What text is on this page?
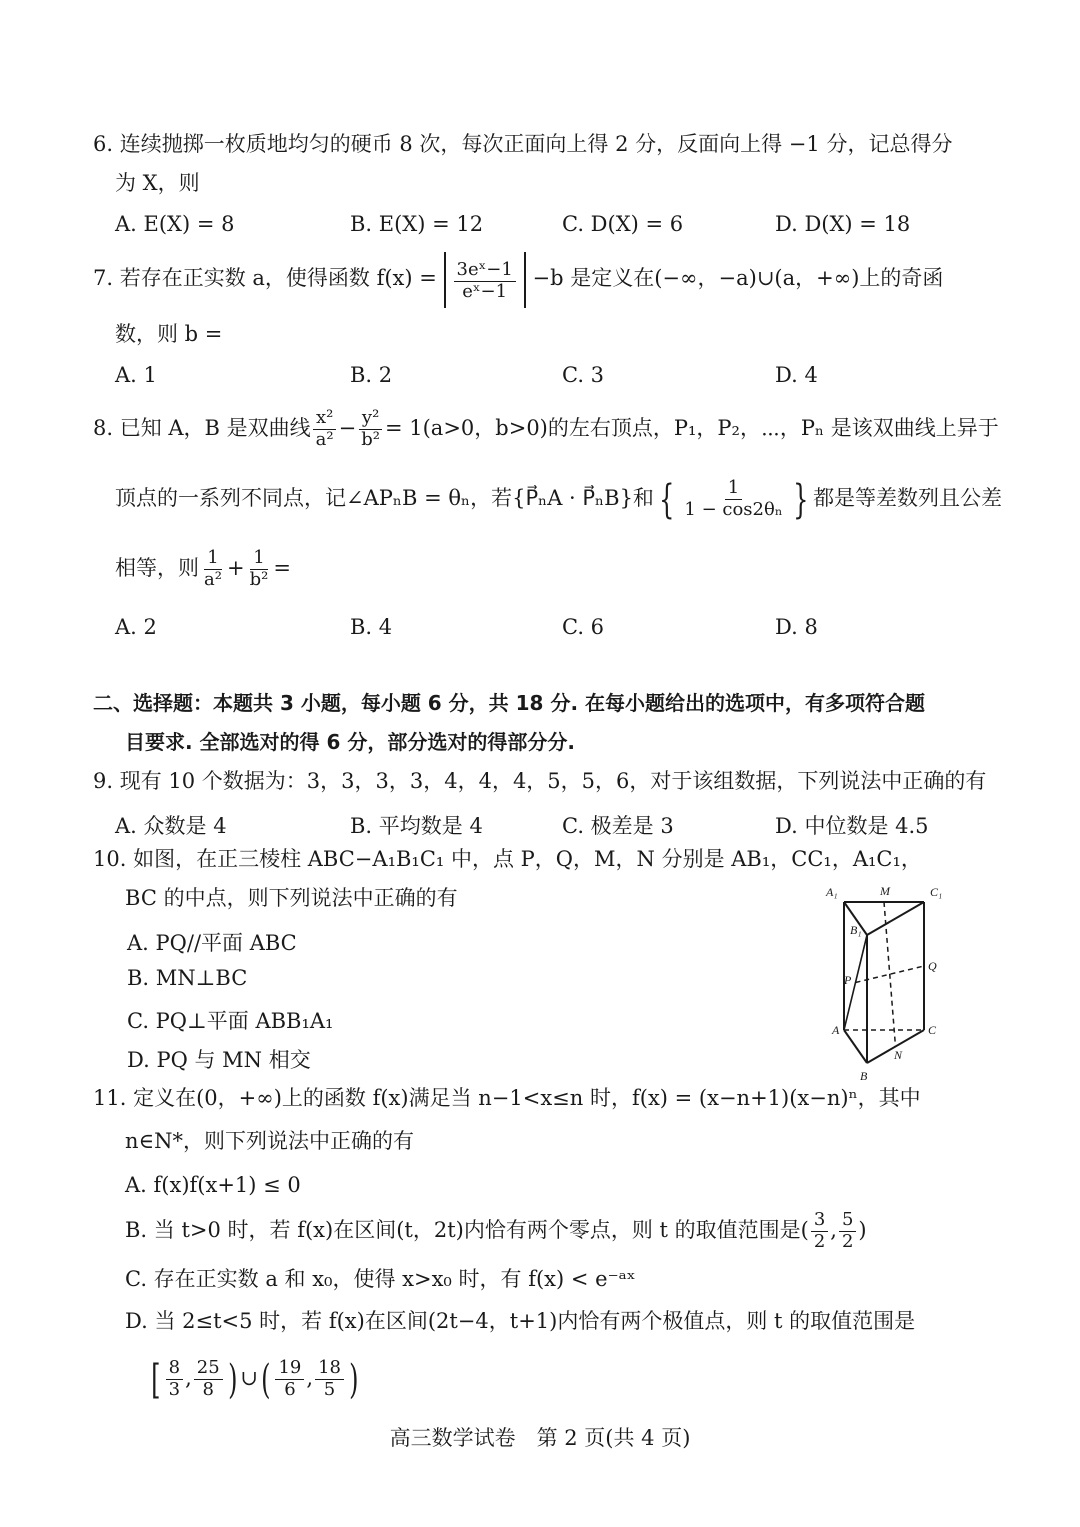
6. 连续抛掷一枚质地均匀的硬币 8 次，每次正面向上得 2 分，反面向上得 −1 分，记总得分
为 X，则
A. E(X) = 8	B. E(X) = 12	C. D(X) = 6	D. D(X) = 18
7. 若存在正实数 a，使得函数 $f(x) = \frac{\text{3eˣ−1}}{\text{eˣ−1}} -b$ 是定义在(−∞，−a)∪(a，+∞)上的奇函
数，则 b =
A. 1	B. 2	C. 3	D. 4
8. 已知 A，B 是双曲线 $\frac{\text{x²}}{\text{a²}} - \frac{\text{y²}}{\text{b²}} = 1(a>0$，b>0)的左右顶点，P₁，P₂，⋯，Pₙ 是该双曲线上异于
顶点的一系列不同点，记∠APₙB = θₙ，若{P⃗ₙA · P⃗ₙB}和 { $\frac{1}{\text{1 − cos2θₙ}}$ } 都是等差数列且公差
相等，则 $\frac{1}{\text{a²}} + \frac{1}{\text{b²}}$ =
A. 2	B. 4	C. 6	D. 8
二、选择题：本题共 3 小题，每小题 6 分，共 18 分. 在每小题给出的选项中，有多项符合题
目要求. 全部选对的得 6 分，部分选对的得部分分.
9. 现有 10 个数据为：3，3，3，3，4，4，4，5，5，6，对于该组数据，下列说法中正确的有
A. 众数是 4	B. 平均数是 4	C. 极差是 3	D. 中位数是 4.5
10. 如图，在正三棱柱 ABC−A₁B₁C₁ 中，点 P，Q，M，N 分别是 AB₁，CC₁，A₁C₁，
BC 的中点，则下列说法中正确的有
A. PQ//平面 ABC
B. MN⊥BC
C. PQ⊥平面 ABB₁A₁
D. PQ 与 MN 相交
A₁	M	C₁
B₁
P
Q
A	C
N
B
11. 定义在(0，+∞)上的函数 f(x)满足当 n−1<x≤n 时，f(x) = (x−n+1)(x−n)ⁿ，其中
n∈N*，则下列说法中正确的有
A. f(x)f(x+1) ≤ 0
B. 当 t>0 时，若 f(x)在区间(t，2t)内恰有两个零点，则 t 的取值范围是( $\frac{3}{2}$ , $\frac{5}{2}$ )
C. 存在正实数 a 和 x₀，使得 x>x₀ 时，有 f(x) < e⁻ᵃˣ
D. 当 2≤t<5 时，若 f(x)在区间(2t−4，t+1)内恰有两个极值点，则 t 的取值范围是
[ $\frac{8}{3}$ , $\frac{25}{8}$ ) ∪( $\frac{19}{6}$ , $\frac{18}{5}$ )
高三数学试卷　第 2 页(共 4 页)
